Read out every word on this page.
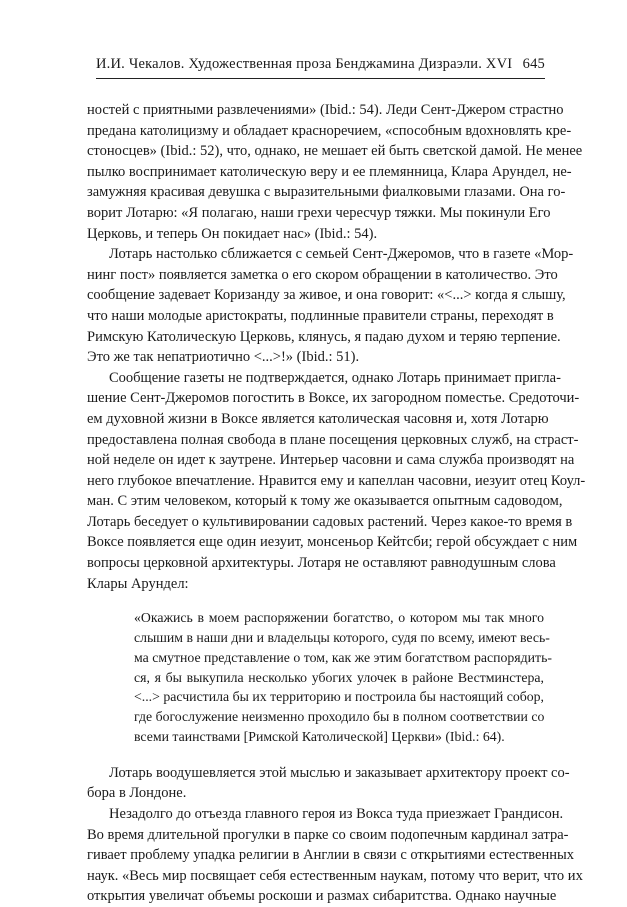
И.И. Чекалов. Художественная проза Бенджамина Дизраэли. XVI 645
ностей с приятными развлечениями» (Ibid.: 54). Леди Сент-Джером страстно
предана католицизму и обладает красноречием, «способным вдохновлять кре-
стоносцев» (Ibid.: 52), что, однако, не мешает ей быть светской дамой. Не менее
пылко воспринимает католическую веру и ее племянница, Клара Арундел, не-
замужняя красивая девушка с выразительными фиалковыми глазами. Она го-
ворит Лотарю: «Я полагаю, наши грехи чересчур тяжки. Мы покинули Его
Церковь, и теперь Он покидает нас» (Ibid.: 54).
Лотарь настолько сближается с семьей Сент-Джеромов, что в газете «Мор-
нинг пост» появляется заметка о его скором обращении в католичество. Это
сообщение задевает Коризанду за живое, и она говорит: «<...> когда я слышу,
что наши молодые аристократы, подлинные правители страны, переходят в
Римскую Католическую Церковь, клянусь, я падаю духом и теряю терпение.
Это же так непатриотично <...>!» (Ibid.: 51).
Сообщение газеты не подтверждается, однако Лотарь принимает пригла-
шение Сент-Джеромов погостить в Вoксе, их загородном поместье. Средоточи-
ем духовной жизни в Вoксе является католическая часовня и, хотя Лотарю
предоставлена полная свобода в плане посещения церковных служб, на страст-
ной неделе он идет к заутрене. Интерьер часовни и сама служба производят на
него глубокое впечатление. Нравится ему и капеллан часовни, иезуит отец Коул-
ман. С этим человеком, который к тому же оказывается опытным садоводом,
Лотарь беседует о культивировании садовых растений. Через какое-то время в
Вoксе появляется еще один иезуит, монсеньор Кейтсби; герой обсуждает с ним
вопросы церковной архитектуры. Лотаря не оставляют равнодушным слова
Клары Арундел:
«Окажись в моем распоряжении богатство, о котором мы так много
слышим в наши дни и владельцы которого, судя по всему, имеют весь-
ма смутное представление о том, как же этим богатством распорядить-
ся, я бы выкупила несколько убогих улочек в районе Вестминстера,
<...> расчистила бы их территорию и построила бы настоящий собор,
где богослужение неизменно проходило бы в полном соответствии со
всеми таинствами [Римской Католической] Церкви» (Ibid.: 64).
Лотарь воодушевляется этой мыслью и заказывает архитектору проект со-
бора в Лондоне.
Незадолго до отъезда главного героя из Вoкса туда приезжает Грандисон.
Во время длительной прогулки в парке со своим подопечным кардинал затра-
гивает проблему упадка религии в Англии в связи с открытиями естественных
наук. «Весь мир посвящает себя естественным наукам, потому что верит, что их
открытия увеличат объемы роскоши и размах сибаритства. Однако научные
